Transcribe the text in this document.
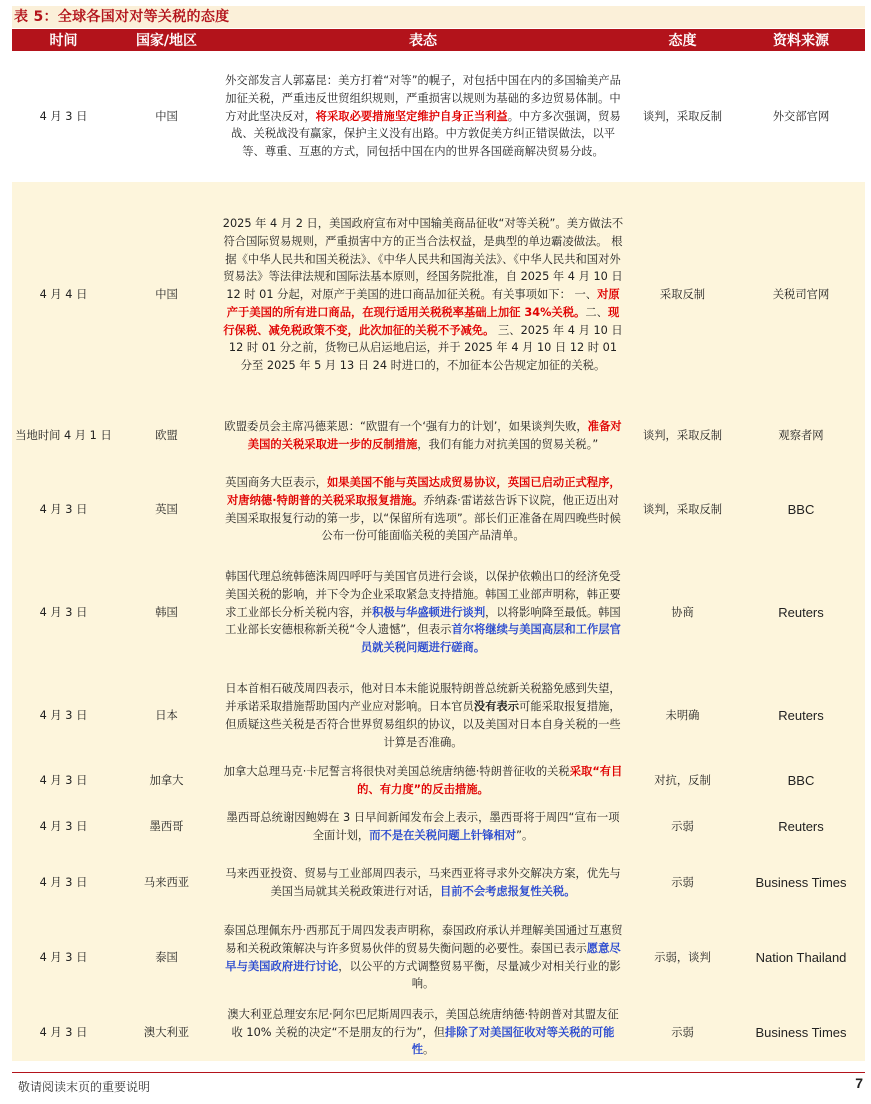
表 5：全球各国对对等关税的态度
时间	国家/地区	表态	态度	资料来源
4 月 3 日	中国	外交部发言人郭嘉昆：美方打着“对等”的幌子，对包括中国在内的多国输美产品加征关税，严重违反世贸组织规则，严重损害以规则为基础的多边贸易体制。中方对此坚决反对，将采取必要措施坚定维护自身正当利益。中方多次强调，贸易战、关税战没有赢家，保护主义没有出路。中方敦促美方纠正错误做法，以平等、尊重、互惠的方式，同包括中国在内的世界各国磋商解决贸易分歧。	谈判，采取反制	外交部官网
4 月 4 日	中国	2025 年 4 月 2 日，美国政府宣布对中国输美商品征收“对等关税”。美方做法不符合国际贸易规则，严重损害中方的正当合法权益，是典型的单边霸凌做法。 根据《中华人民共和国关税法》、《中华人民共和国海关法》、《中华人民共和国对外贸易法》等法律法规和国际法基本原则，经国务院批准，自 2025 年 4 月 10 日 12 时 01 分起，对原产于美国的进口商品加征关税。有关事项如下： 一、对原产于美国的所有进口商品，在现行适用关税税率基础上加征 34%关税。二、现行保税、减免税政策不变，此次加征的关税不予减免。 三、2025 年 4 月 10 日 12 时 01 分之前，货物已从启运地启运，并于 2025 年 4 月 10 日 12 时 01 分至 2025 年 5 月 13 日 24 时进口的，不加征本公告规定加征的关税。	采取反制	关税司官网
当地时间 4 月 1 日	欧盟	欧盟委员会主席冯德莱恩：“欧盟有一个‘强有力的计划’，如果谈判失败，准备对美国的关税采取进一步的反制措施，我们有能力对抗美国的贸易关税。”	谈判，采取反制	观察者网
4 月 3 日	英国	英国商务大臣表示，如果美国不能与英国达成贸易协议，英国已启动正式程序，对唐纳德·特朗普的关税采取报复措施。乔纳森·雷诺兹告诉下议院，他正迈出对美国采取报复行动的第一步，以“保留所有选项”。部长们正准备在周四晚些时候公布一份可能面临关税的美国产品清单。	谈判，采取反制	BBC
4 月 3 日	韩国	韩国代理总统韩德洙周四呼吁与美国官员进行会谈，以保护依赖出口的经济免受美国关税的影响，并下令为企业采取紧急支持措施。韩国工业部声明称，韩正要求工业部长分析关税内容，并积极与华盛顿进行谈判，以将影响降至最低。韩国工业部长安德根称新关税“令人遗憾”，但表示首尔将继续与美国高层和工作层官员就关税问题进行磋商。	协商	Reuters
4 月 3 日	日本	日本首相石破茂周四表示，他对日本未能说服特朗普总统新关税豁免感到失望，并承诺采取措施帮助国内产业应对影响。日本官员没有表示可能采取报复措施，但质疑这些关税是否符合世界贸易组织的协议，以及美国对日本自身关税的一些计算是否准确。	未明确	Reuters
4 月 3 日	加拿大	加拿大总理马克·卡尼誓言将很快对美国总统唐纳德·特朗普征收的关税采取“有目的、有力度”的反击措施。	对抗，反制	BBC
4 月 3 日	墨西哥	墨西哥总统谢因鲍姆在 3 日早间新闻发布会上表示，墨西哥将于周四“宣布一项全面计划，而不是在关税问题上针锋相对”。	示弱	Reuters
4 月 3 日	马来西亚	马来西亚投资、贸易与工业部周四表示，马来西亚将寻求外交解决方案，优先与美国当局就其关税政策进行对话，目前不会考虑报复性关税。	示弱	Business Times
4 月 3 日	泰国	泰国总理佩东丹·西那瓦于周四发表声明称，泰国政府承认并理解美国通过互惠贸易和关税政策解决与许多贸易伙伴的贸易失衡问题的必要性。泰国已表示愿意尽早与美国政府进行讨论，以公平的方式调整贸易平衡，尽量减少对相关行业的影响。	示弱，谈判	Nation Thailand
4 月 3 日	澳大利亚	澳大利亚总理安东尼·阿尔巴尼斯周四表示，美国总统唐纳德·特朗普对其盟友征收 10% 关税的决定“不是朋友的行为”，但排除了对美国征收对等关税的可能性。	示弱	Business Times
敬请阅读末页的重要说明	7
